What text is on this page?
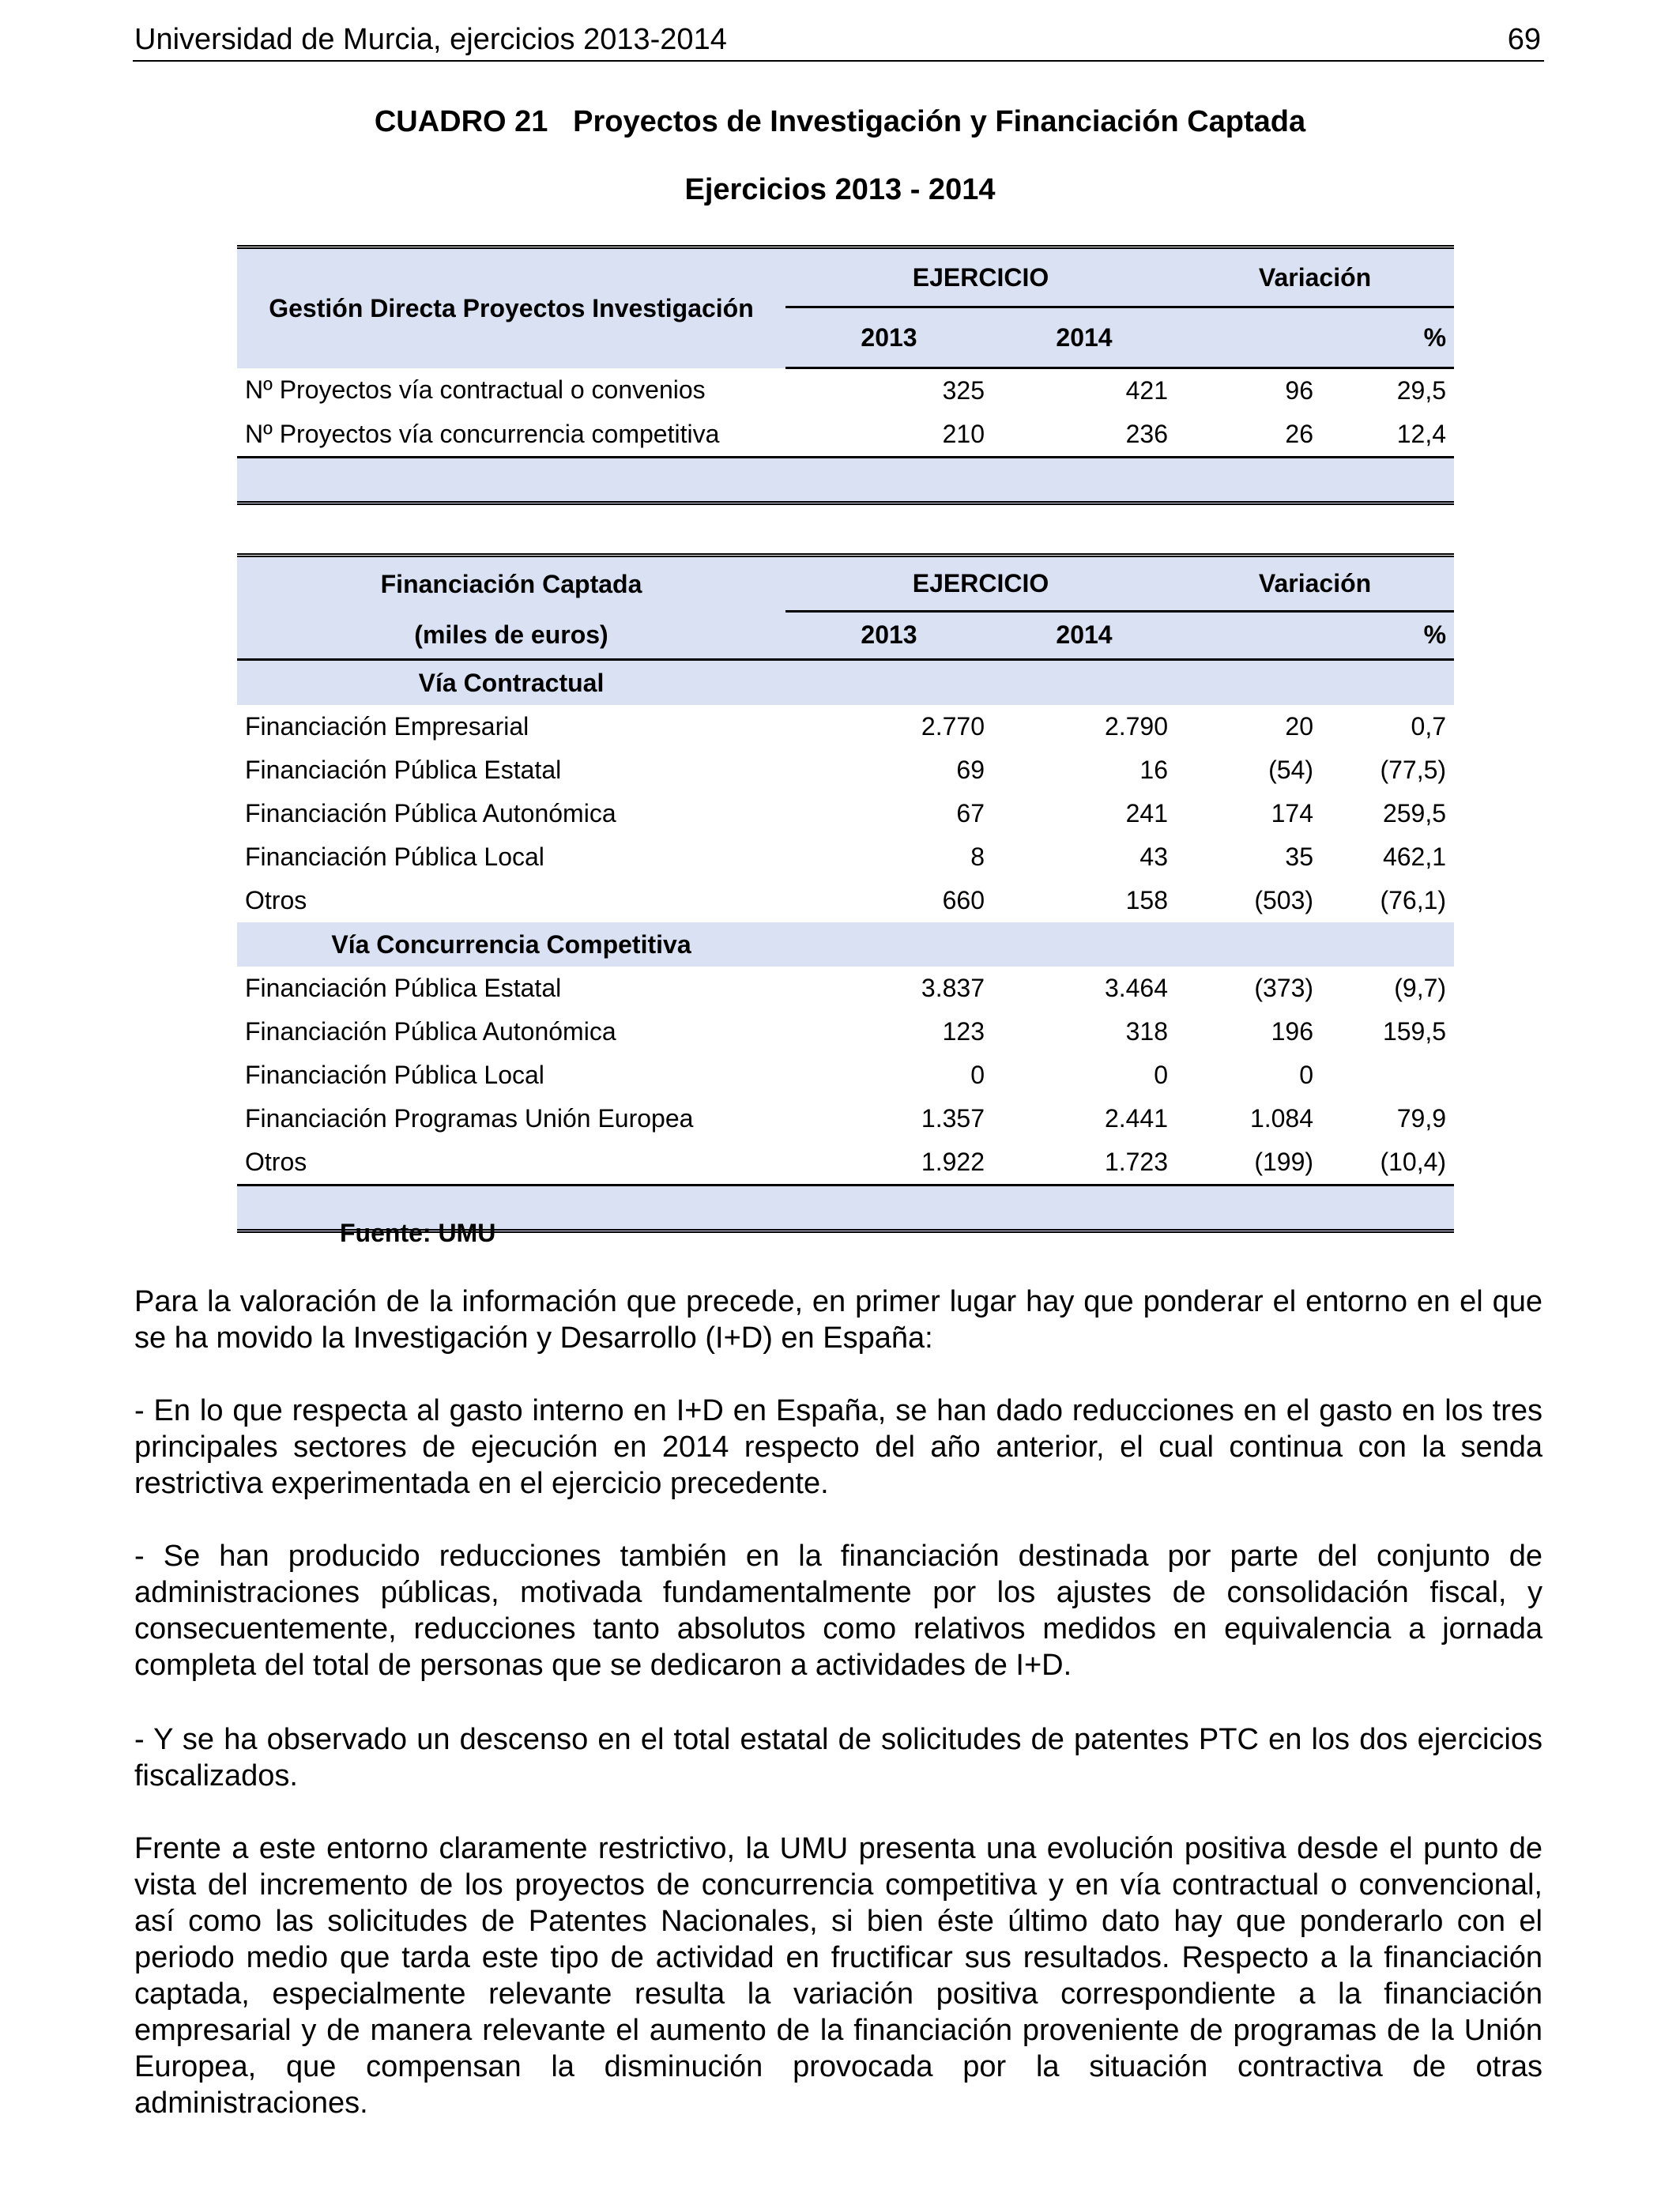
Universidad de Murcia, ejercicios 2013-2014	69
CUADRO 21   Proyectos de Investigación y Financiación Captada
Ejercicios 2013 - 2014
Gestión Directa Proyectos Investigación	EJERCICIO		Variación	
	2013	2014		%
Nº Proyectos vía contractual o convenios	325	421	96	29,5
Nº Proyectos vía concurrencia competitiva	210	236	26	12,4

Financiación Captada	EJERCICIO		Variación	
(miles de euros)	2013	2014		%
Vía Contractual				
Financiación Empresarial	2.770	2.790	20	0,7
Financiación Pública Estatal	69	16	(54)	(77,5)
Financiación Pública Autonómica	67	241	174	259,5
Financiación Pública Local	8	43	35	462,1
Otros	660	158	(503)	(76,1)
Vía Concurrencia Competitiva				
Financiación Pública Estatal	3.837	3.464	(373)	(9,7)
Financiación Pública Autonómica	123	318	196	159,5
Financiación Pública Local	0	0	0	
Financiación Programas Unión Europea	1.357	2.441	1.084	79,9
Otros	1.922	1.723	(199)	(10,4)

Fuente: UMU
Para la valoración de la información que precede, en primer lugar hay que ponderar el entorno en el que se ha movido la Investigación y Desarrollo (I+D) en España:
- En lo que respecta al gasto interno en I+D en España, se han dado reducciones en el gasto en los tres principales sectores de ejecución en 2014 respecto del año anterior, el cual continua con la senda restrictiva experimentada en el ejercicio precedente.
- Se han producido reducciones también en la financiación destinada por parte del conjunto de administraciones públicas, motivada fundamentalmente por los ajustes de consolidación fiscal, y consecuentemente, reducciones tanto absolutos como relativos medidos en equivalencia a jornada completa del total de personas que se dedicaron a actividades de I+D.
- Y se ha observado un descenso en el total estatal de solicitudes de patentes PTC en los dos ejercicios fiscalizados.
Frente a este entorno claramente restrictivo, la UMU presenta una evolución positiva desde el punto de vista del incremento de los proyectos de concurrencia competitiva y en vía contractual o convencional, así como las solicitudes de Patentes Nacionales, si bien éste último dato hay que ponderarlo con el periodo medio que tarda este tipo de actividad en fructificar sus resultados. Respecto a la financiación captada, especialmente relevante resulta la variación positiva correspondiente a la financiación empresarial y de manera relevante el aumento de la financiación proveniente de programas de la Unión Europea, que compensan la disminución provocada por la situación contractiva de otras administraciones.
